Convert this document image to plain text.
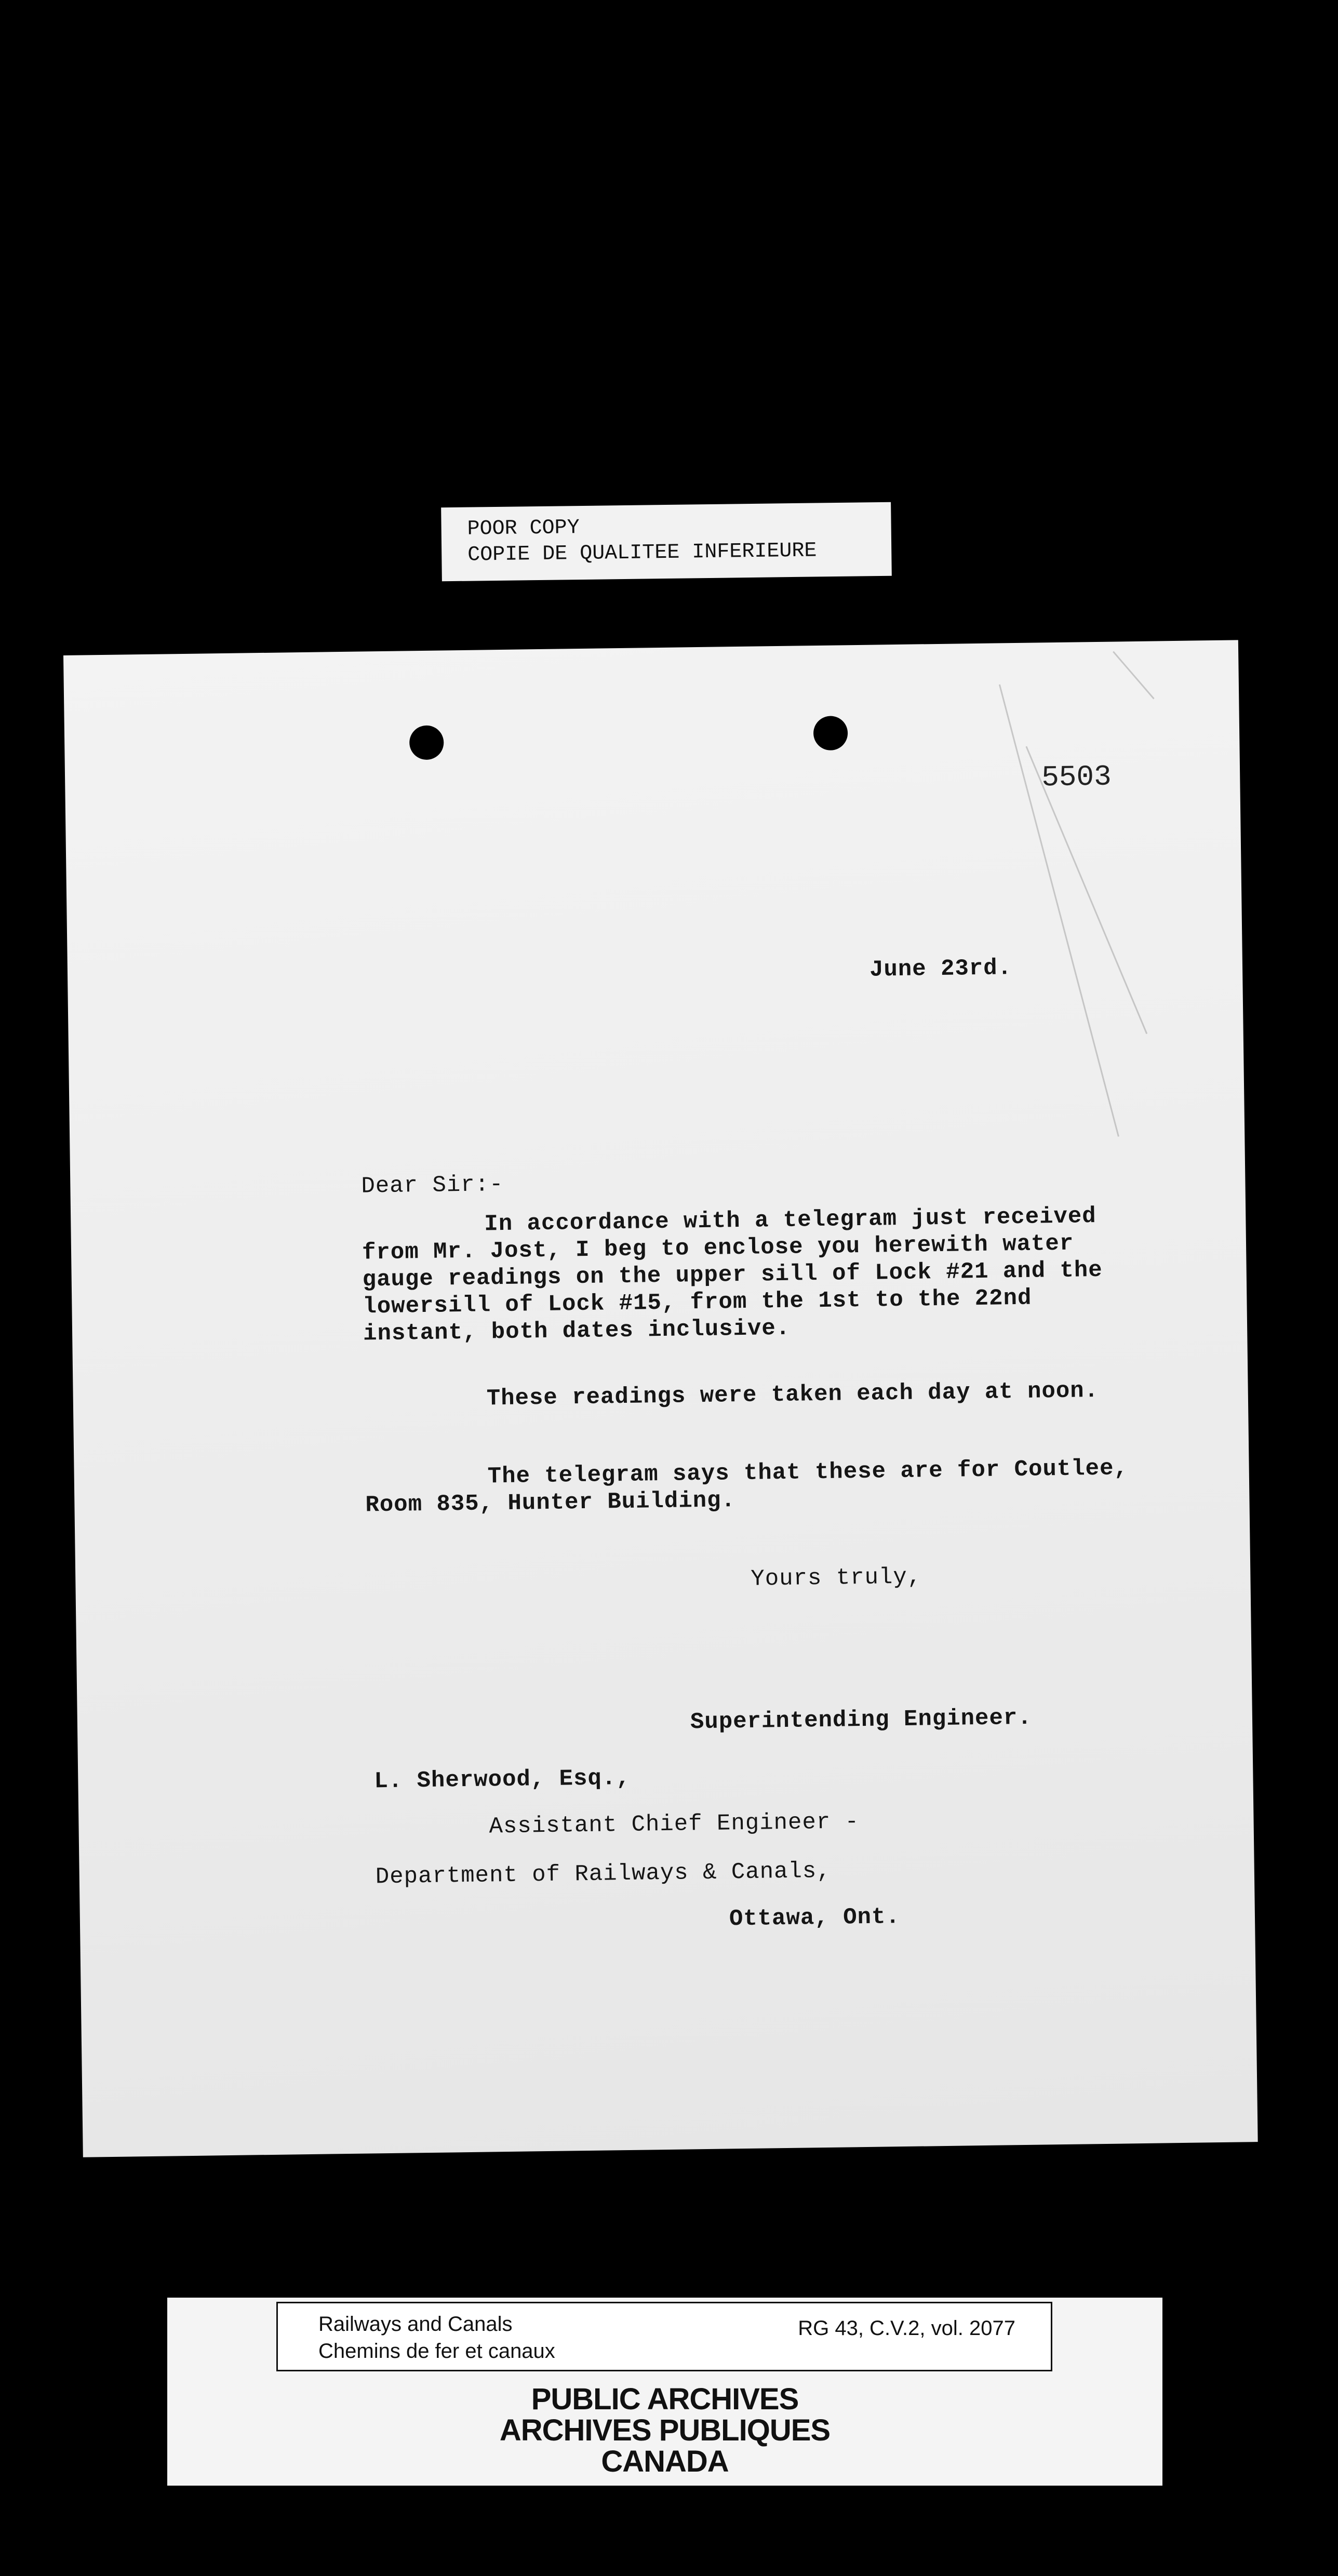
POOR COPY
COPIE DE QUALITEE INFERIEURE
5503
June 23rd.
Dear Sir:-
In accordance with a telegram just received
from Mr. Jost, I beg to enclose you herewith water
gauge readings on the upper sill of Lock #21 and the
lowersill of Lock #15, from the 1st to the 22nd
instant, both dates inclusive.
These readings were taken each day at noon.
The telegram says that these are for Coutlee,
Room 835, Hunter Building.
Yours truly,
Superintending Engineer.
L. Sherwood, Esq.,
Assistant Chief Engineer -
Department of Railways & Canals,
Ottawa, Ont.
Railways and Canals
Chemins de fer et canaux
RG 43, C.V.2, vol. 2077
PUBLIC ARCHIVES
ARCHIVES PUBLIQUES
CANADA
